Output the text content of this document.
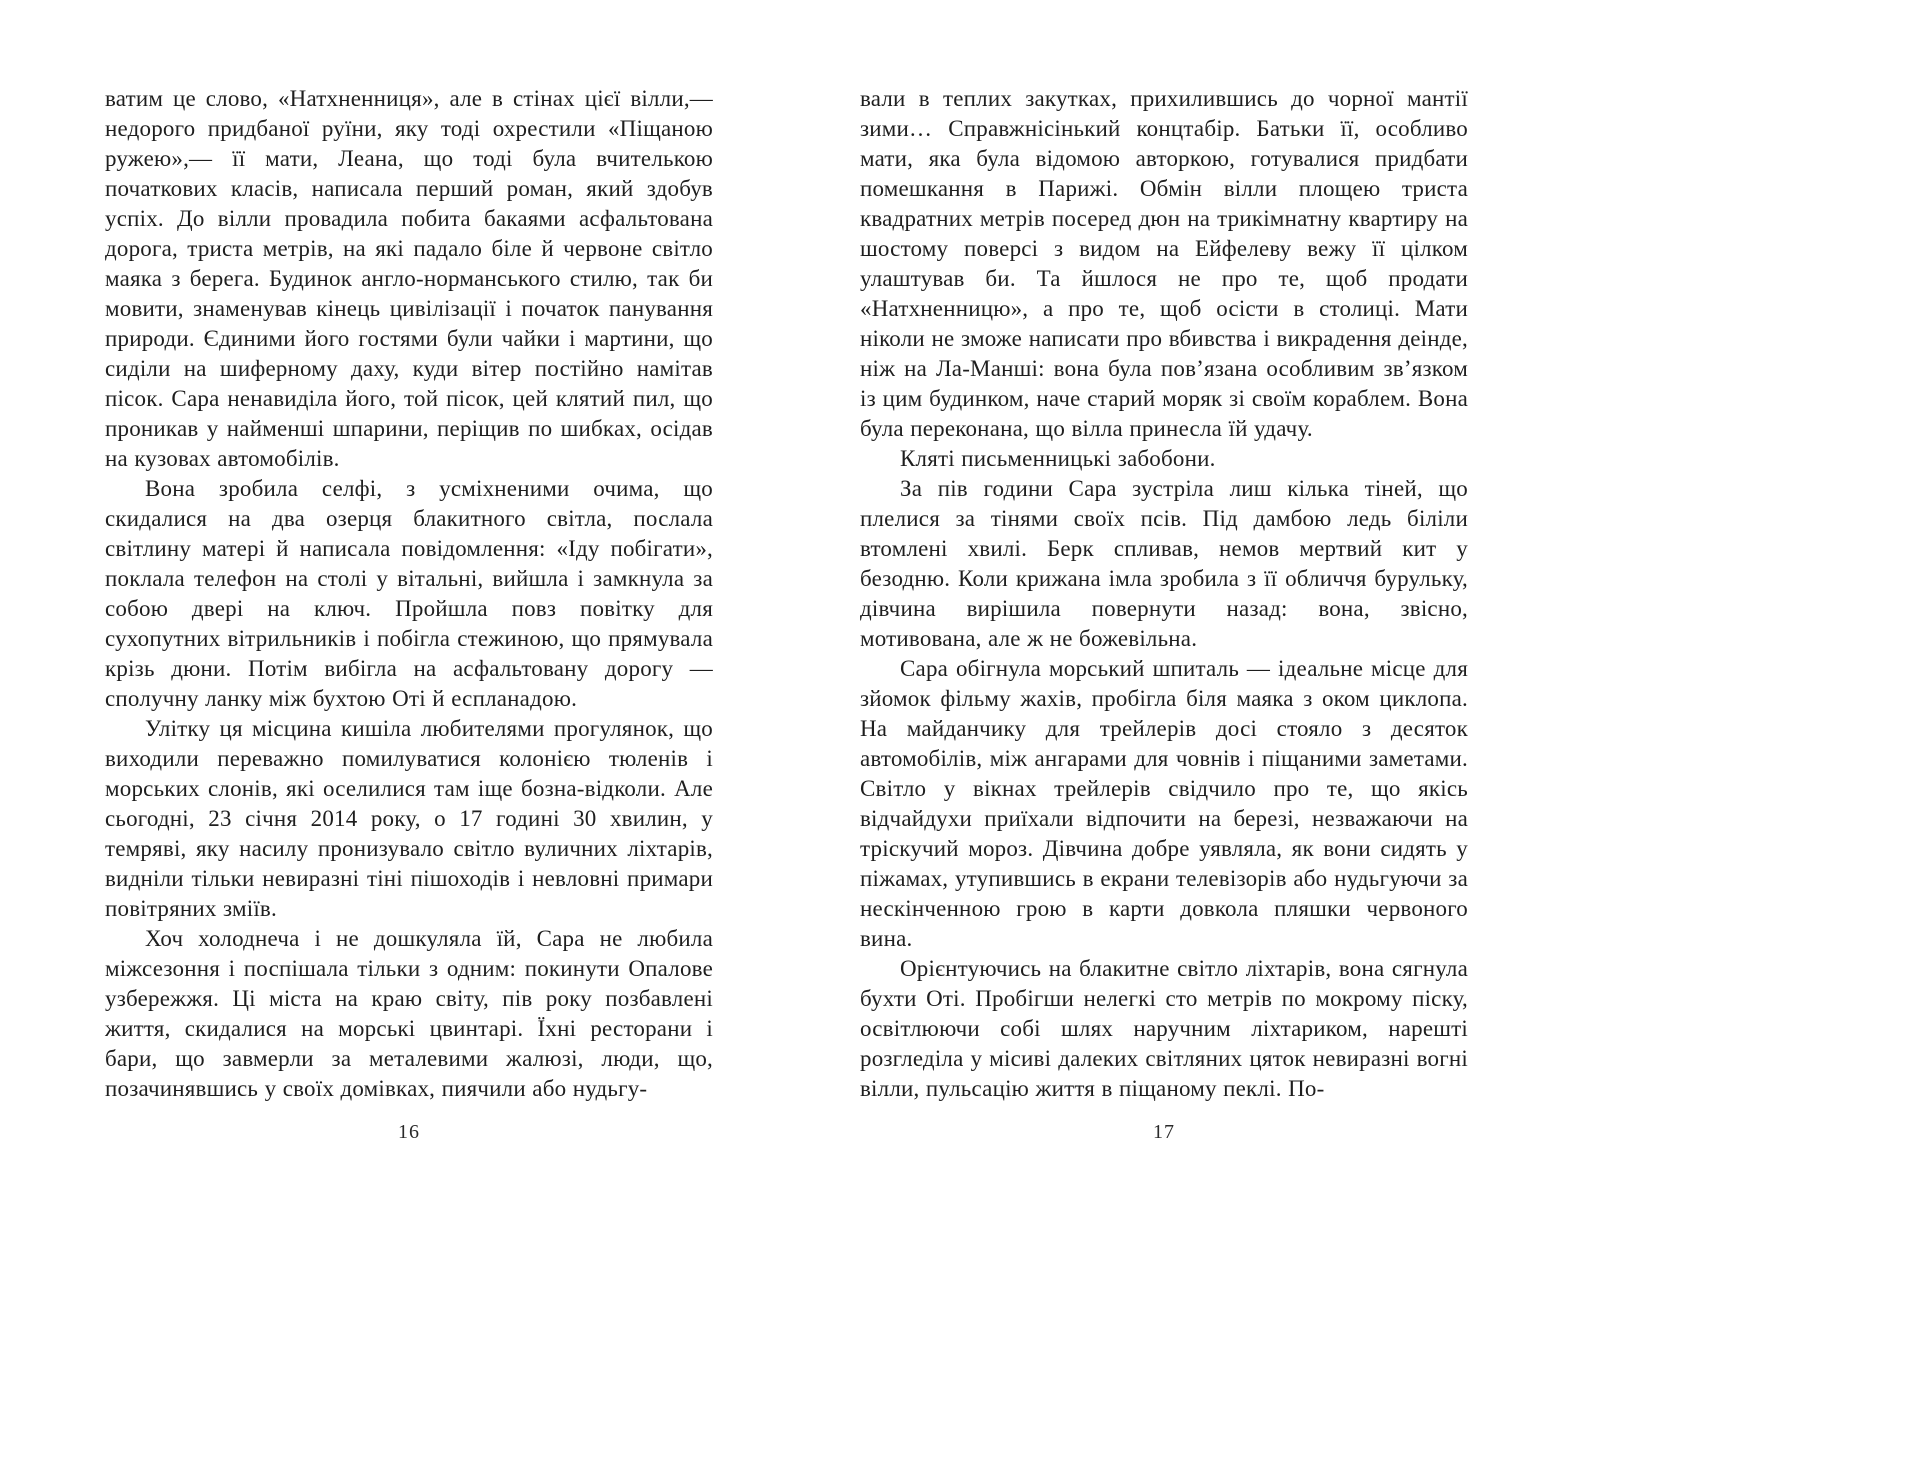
ватим це слово, «Натхненниця», але в стінах цієї вілли,— недорого придбаної руїни, яку тоді охрестили «Піщаною ружею»,— її мати, Леана, що тоді була вчителькою початкових класів, написала перший роман, який здобув успіх. До вілли провадила побита бакаями асфальтована дорога, триста метрів, на які падало біле й червоне світло маяка з берега. Будинок англо-норманського стилю, так би мовити, знаменував кінець цивілізації і початок панування природи. Єдиними його гостями були чайки і мартини, що сиділи на шиферному даху, куди вітер постійно намітав пісок. Сара ненавиділа його, той пісок, цей клятий пил, що проникав у найменші шпарини, періщив по шибках, осідав на кузовах автомобілів.

Вона зробила селфі, з усміхненими очима, що скидалися на два озерця блакитного світла, послала світлину матері й написала повідомлення: «Іду побігати», поклала телефон на столі у вітальні, вийшла і замкнула за собою двері на ключ. Пройшла повз повітку для сухопутних вітрильників і побігла стежиною, що прямувала крізь дюни. Потім вибігла на асфальтовану дорогу — сполучну ланку між бухтою Оті й еспланадою.

Улітку ця місцина кишіла любителями прогулянок, що виходили переважно помилуватися колонією тюленів і морських слонів, які оселилися там іще бозна-відколи. Але сьогодні, 23 січня 2014 року, о 17 годині 30 хвилин, у темряві, яку насилу пронизувало світло вуличних ліхтарів, видніли тільки невиразні тіні пішоходів і невловні примари повітряних зміїв.

Хоч холоднеча і не дошкуляла їй, Сара не любила міжсезоння і поспішала тільки з одним: покинути Опалове узбережжя. Ці міста на краю світу, пів року позбавлені життя, скидалися на морські цвинтарі. Їхні ресторани і бари, що завмерли за металевими жалюзі, люди, що, позачинявшись у своїх домівках, пиячили або нудьгу-

16

вали в теплих закутках, прихилившись до чорної мантії зими… Справжнісінький концтабір. Батьки її, особливо мати, яка була відомою авторкою, готувалися придбати помешкання в Парижі. Обмін вілли площею триста квадратних метрів посеред дюн на трикімнатну квартиру на шостому поверсі з видом на Ейфелеву вежу її цілком улаштував би. Та йшлося не про те, щоб продати «Натхненницю», а про те, щоб осісти в столиці. Мати ніколи не зможе написати про вбивства і викрадення деінде, ніж на Ла-Манші: вона була пов’язана особливим зв’язком із цим будинком, наче старий моряк зі своїм кораблем. Вона була переконана, що вілла принесла їй удачу.

Кляті письменницькі забобони.

За пів години Сара зустріла лиш кілька тіней, що плелися за тінями своїх псів. Під дамбою ледь біліли втомлені хвилі. Берк спливав, немов мертвий кит у безодню. Коли крижана імла зробила з її обличчя бурульку, дівчина вирішила повернути назад: вона, звісно, мотивована, але ж не божевільна.

Сара обігнула морський шпиталь — ідеальне місце для зйомок фільму жахів, пробігла біля маяка з оком циклопа. На майданчику для трейлерів досі стояло з десяток автомобілів, між ангарами для човнів і піщаними заметами. Світло у вікнах трейлерів свідчило про те, що якісь відчайдухи приїхали відпочити на березі, незважаючи на тріскучий мороз. Дівчина добре уявляла, як вони сидять у піжамах, утупившись в екрани телевізорів або нудьгуючи за нескінченною грою в карти довкола пляшки червоного вина.

Орієнтуючись на блакитне світло ліхтарів, вона сягнула бухти Оті. Пробігши нелегкі сто метрів по мокрому піску, освітлюючи собі шлях наручним ліхтариком, нарешті розгледіла у місиві далеких світляних цяток невиразні вогні вілли, пульсацію життя в піщаному пеклі. По-

17
